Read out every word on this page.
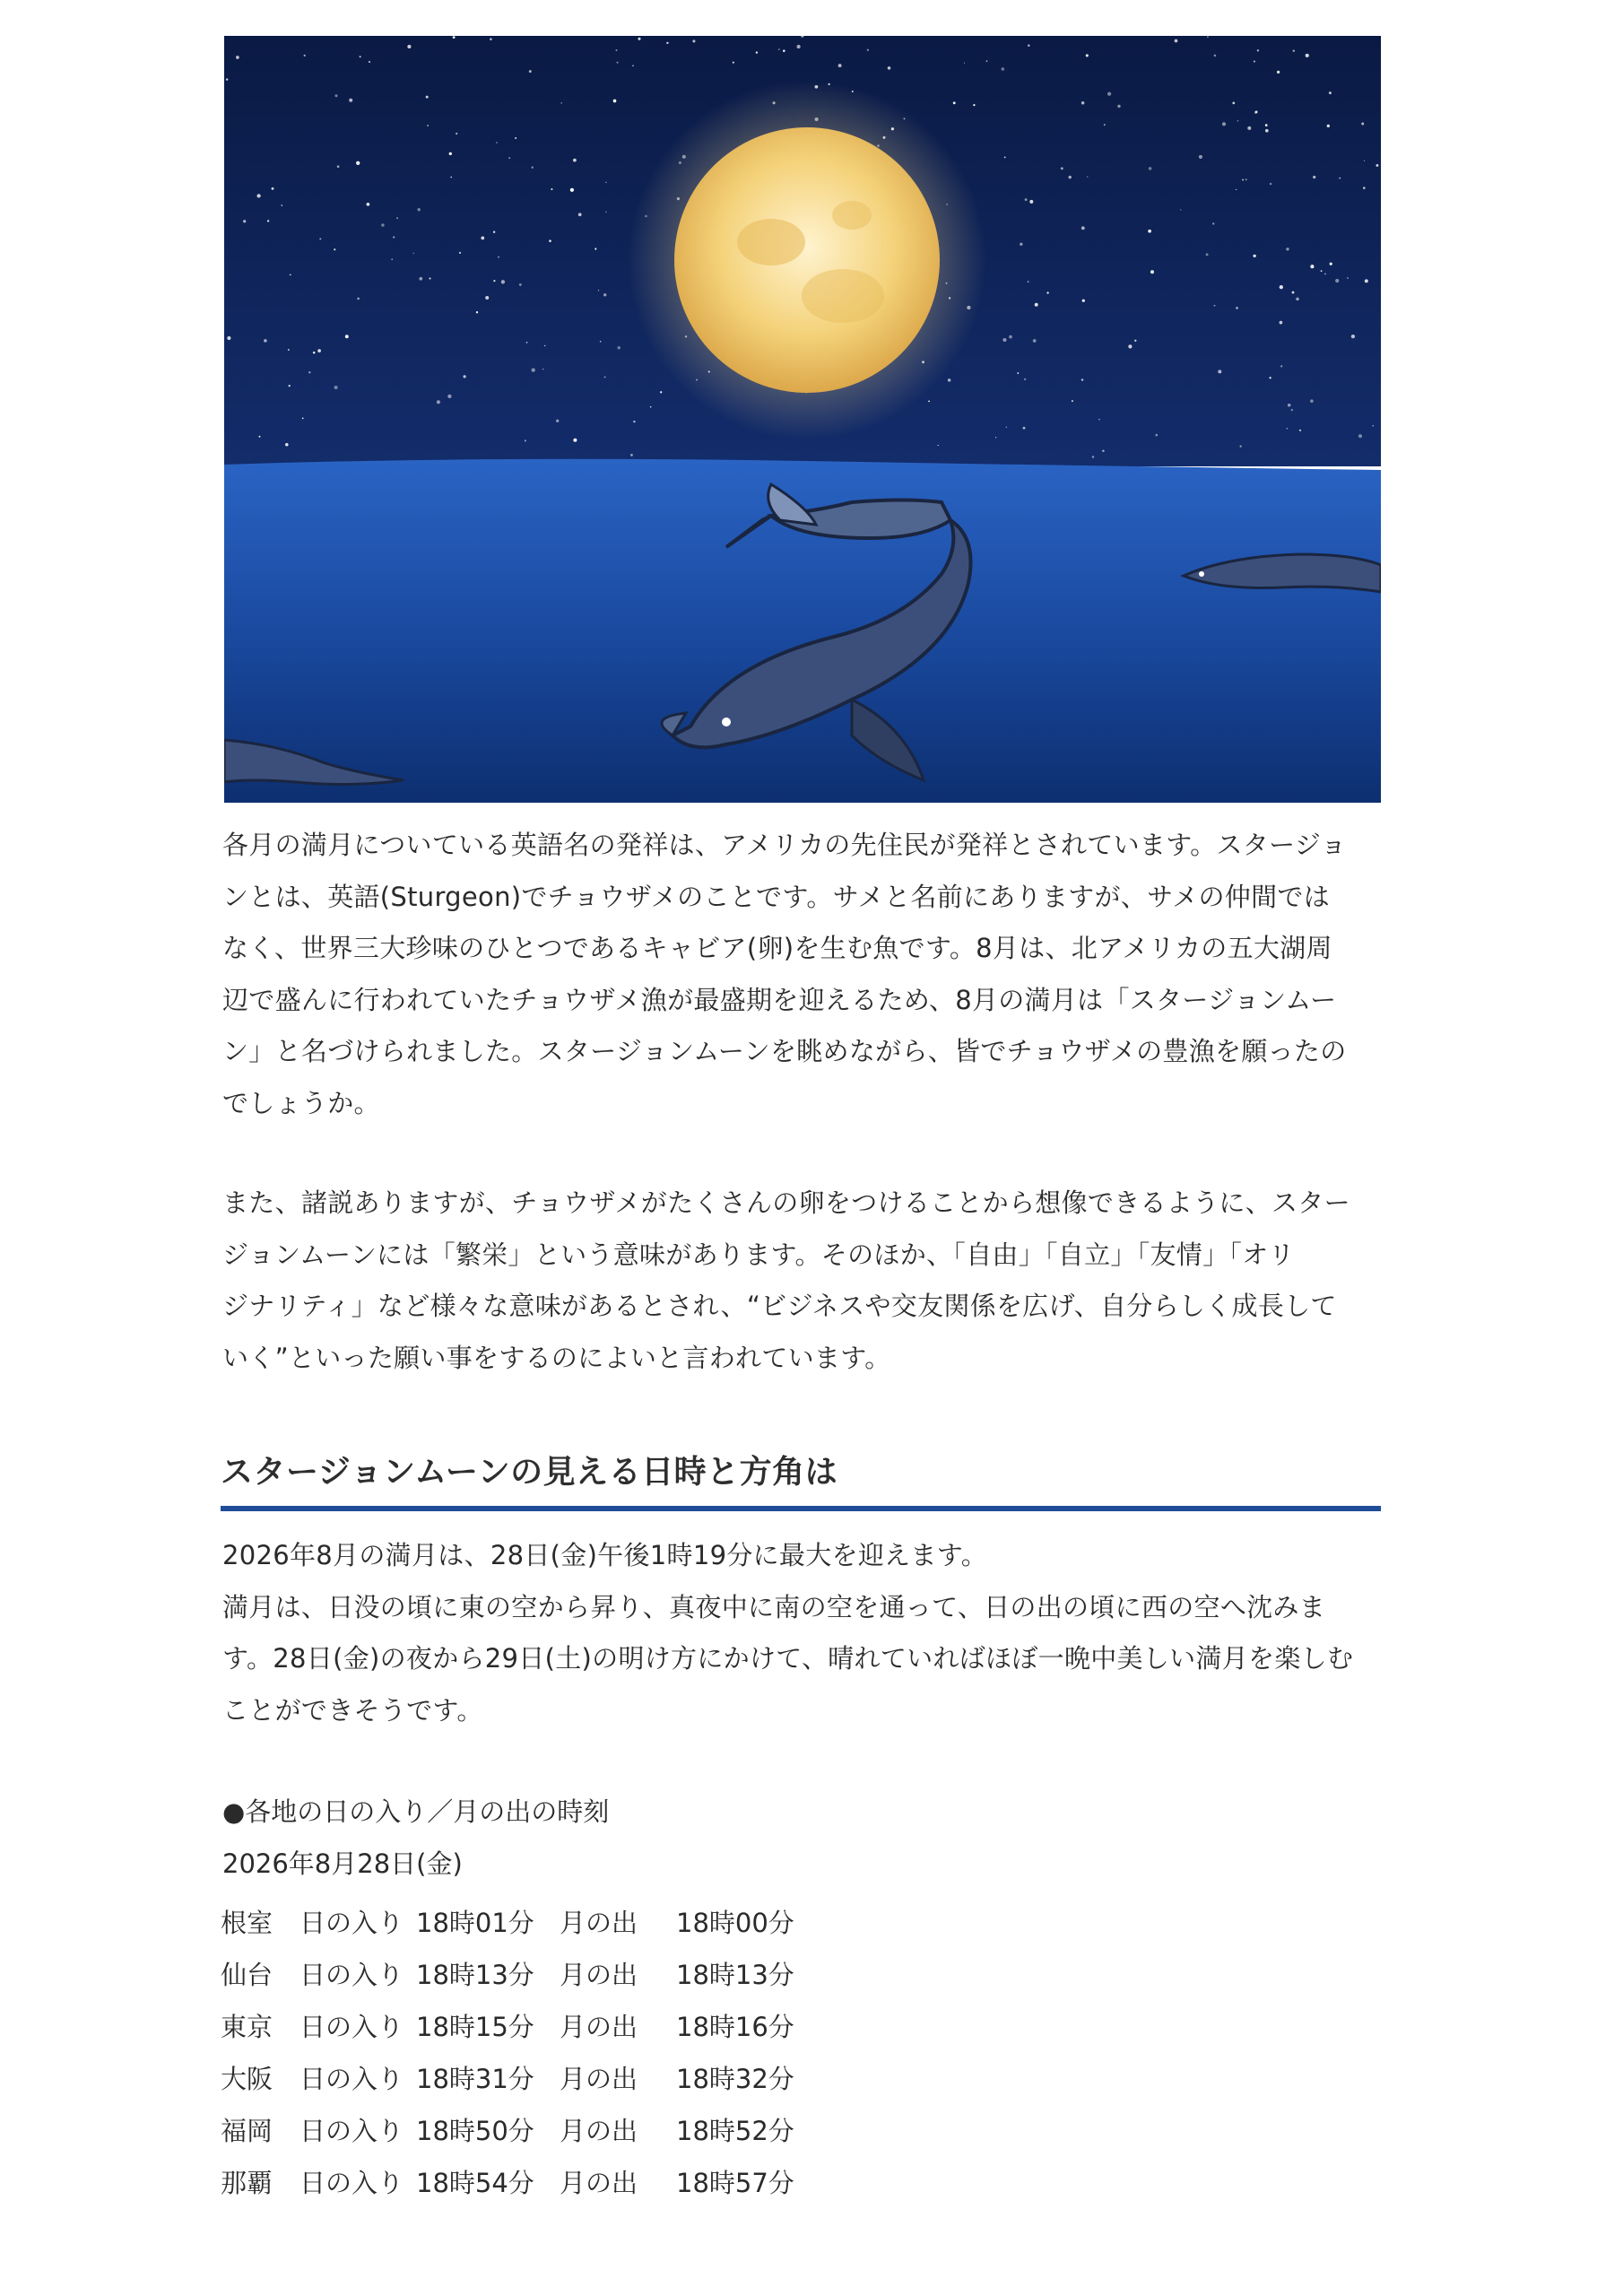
各月の満月についている英語名の発祥は、アメリカの先住民が発祥とされています。スタージョ
ンとは、英語(Sturgeon)でチョウザメのことです。サメと名前にありますが、サメの仲間では
なく、世界三大珍味のひとつであるキャビア(卵)を生む魚です。8月は、北アメリカの五大湖周
辺で盛んに行われていたチョウザメ漁が最盛期を迎えるため、8月の満月は「スタージョンムー
ン」と名づけられました。スタージョンムーンを眺めながら、皆でチョウザメの豊漁を願ったの
でしょうか。
また、諸説ありますが、チョウザメがたくさんの卵をつけることから想像できるように、スター
ジョンムーンには「繁栄」という意味があります。そのほか、「自由」「自立」「友情」「オリ
ジナリティ」など様々な意味があるとされ、“ビジネスや交友関係を広げ、自分らしく成長して
いく”といった願い事をするのによいと言われています。
スタージョンムーンの見える日時と方角は
2026年8月の満月は、28日(金)午後1時19分に最大を迎えます。
満月は、日没の頃に東の空から昇り、真夜中に南の空を通って、日の出の頃に西の空へ沈みま
す。28日(金)の夜から29日(土)の明け方にかけて、晴れていればほぼ一晩中美しい満月を楽しむ
ことができそうです。
●各地の日の入り／月の出の時刻
2026年8月28日(金)
根室	日の入り 18時01分 月の出	18時00分
仙台	日の入り 18時13分 月の出	18時13分
東京	日の入り 18時15分 月の出	18時16分
大阪	日の入り 18時31分 月の出	18時32分
福岡	日の入り 18時50分 月の出	18時52分
那覇	日の入り 18時54分 月の出	18時57分
